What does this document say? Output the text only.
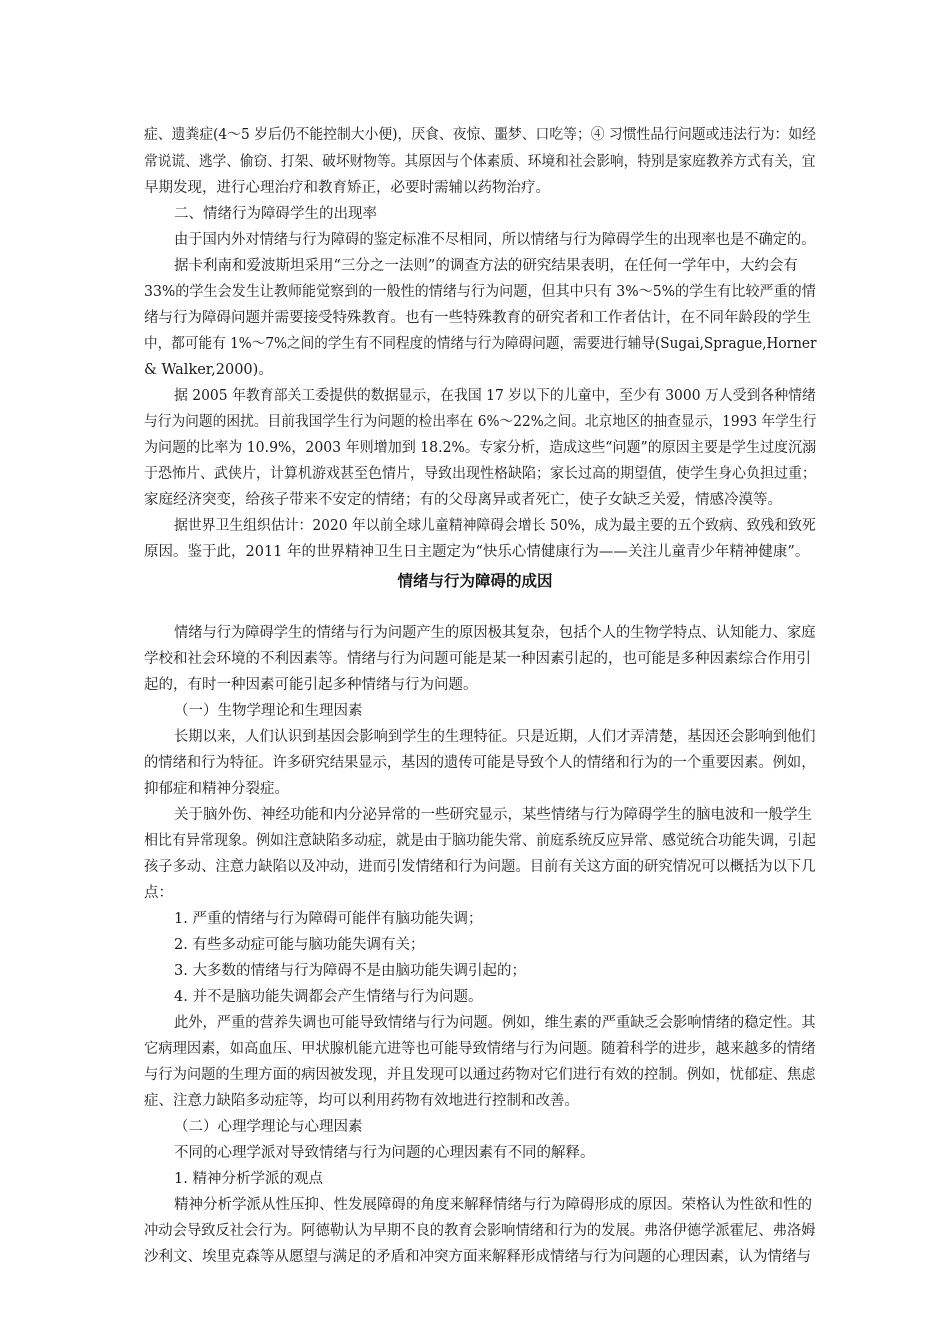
症、遗粪症(4～5 岁后仍不能控制大小便)，厌食、夜惊、噩梦、口吃等；④ 习惯性品行问题或违法行为：如经
常说谎、逃学、偷窃、打架、破坏财物等。其原因与个体素质、环境和社会影响，特别是家庭教养方式有关，宜
早期发现，进行心理治疗和教育矫正，必要时需辅以药物治疗。
二、情绪行为障碍学生的出现率
由于国内外对情绪与行为障碍的鉴定标准不尽相同，所以情绪与行为障碍学生的出现率也是不确定的。
据卡利南和爱波斯坦采用“三分之一法则”的调查方法的研究结果表明，在任何一学年中，大约会有
33%的学生会发生让教师能觉察到的一般性的情绪与行为问题，但其中只有 3%～5%的学生有比较严重的情
绪与行为障碍问题并需要接受特殊教育。也有一些特殊教育的研究者和工作者估计，在不同年龄段的学生
中，都可能有 1%～7%之间的学生有不同程度的情绪与行为障碍问题，需要进行辅导(Sugai,Sprague,Horner
& Walker,2000)。
据 2005 年教育部关工委提供的数据显示，在我国 17 岁以下的儿童中，至少有 3000 万人受到各种情绪
与行为问题的困扰。目前我国学生行为问题的检出率在 6%～22%之间。北京地区的抽查显示，1993 年学生行
为问题的比率为 10.9%，2003 年则增加到 18.2%。专家分析，造成这些“问题”的原因主要是学生过度沉溺
于恐怖片、武侠片，计算机游戏甚至色情片，导致出现性格缺陷；家长过高的期望值，使学生身心负担过重；
家庭经济突变，给孩子带来不安定的情绪；有的父母离异或者死亡，使子女缺乏关爱，情感冷漠等。
据世界卫生组织估计：2020 年以前全球儿童精神障碍会增长 50%，成为最主要的五个致病、致残和致死
原因。鉴于此，2011 年的世界精神卫生日主题定为“快乐心情健康行为——关注儿童青少年精神健康”。
情绪与行为障碍的成因
情绪与行为障碍学生的情绪与行为问题产生的原因极其复杂，包括个人的生物学特点、认知能力、家庭
学校和社会环境的不利因素等。情绪与行为问题可能是某一种因素引起的，也可能是多种因素综合作用引
起的，有时一种因素可能引起多种情绪与行为问题。
（一）生物学理论和生理因素
长期以来，人们认识到基因会影响到学生的生理特征。只是近期，人们才弄清楚，基因还会影响到他们
的情绪和行为特征。许多研究结果显示，基因的遗传可能是导致个人的情绪和行为的一个重要因素。例如，
抑郁症和精神分裂症。
关于脑外伤、神经功能和内分泌异常的一些研究显示，某些情绪与行为障碍学生的脑电波和一般学生
相比有异常现象。例如注意缺陷多动症，就是由于脑功能失常、前庭系统反应异常、感觉统合功能失调，引起
孩子多动、注意力缺陷以及冲动，进而引发情绪和行为问题。目前有关这方面的研究情况可以概括为以下几
点：
1. 严重的情绪与行为障碍可能伴有脑功能失调；
2. 有些多动症可能与脑功能失调有关；
3. 大多数的情绪与行为障碍不是由脑功能失调引起的；
4. 并不是脑功能失调都会产生情绪与行为问题。
此外，严重的营养失调也可能导致情绪与行为问题。例如，维生素的严重缺乏会影响情绪的稳定性。其
它病理因素，如高血压、甲状腺机能亢进等也可能导致情绪与行为问题。随着科学的进步，越来越多的情绪
与行为问题的生理方面的病因被发现，并且发现可以通过药物对它们进行有效的控制。例如，忧郁症、焦虑
症、注意力缺陷多动症等，均可以利用药物有效地进行控制和改善。
（二）心理学理论与心理因素
不同的心理学派对导致情绪与行为问题的心理因素有不同的解释。
1. 精神分析学派的观点
精神分析学派从性压抑、性发展障碍的角度来解释情绪与行为障碍形成的原因。荣格认为性欲和性的
冲动会导致反社会行为。阿德勒认为早期不良的教育会影响情绪和行为的发展。弗洛伊德学派霍尼、弗洛姆
沙利文、埃里克森等从愿望与满足的矛盾和冲突方面来解释形成情绪与行为问题的心理因素，认为情绪与
